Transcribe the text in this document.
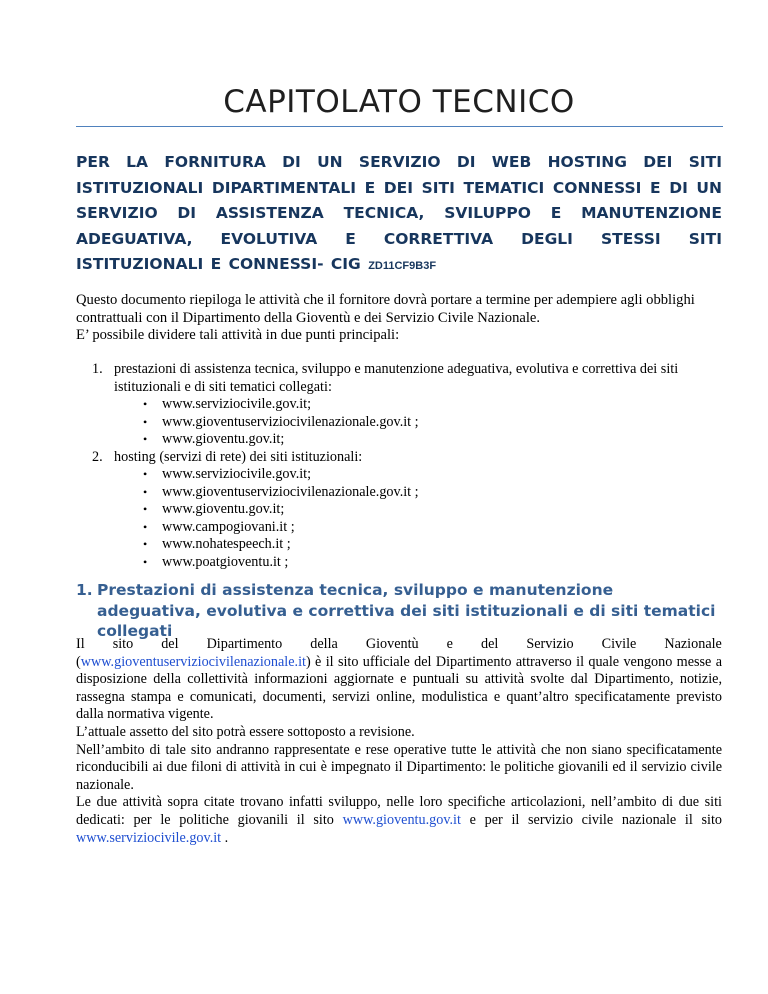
CAPITOLATO TECNICO
PER LA FORNITURA DI UN SERVIZIO DI WEB HOSTING DEI SITI ISTITUZIONALI DIPARTIMENTALI E DEI SITI TEMATICI CONNESSI E DI UN SERVIZIO DI ASSISTENZA TECNICA, SVILUPPO E MANUTENZIONE ADEGUATIVA, EVOLUTIVA E CORRETTIVA DEGLI STESSI SITI ISTITUZIONALI E CONNESSI- CIG ZD11CF9B3F

Questo documento riepiloga le attività che il fornitore dovrà portare a termine per adempiere agli obblighi contrattuali con il Dipartimento della Gioventù e dei Servizio Civile Nazionale.

E’ possibile dividere tali attività in due punti principali:

1. prestazioni di assistenza tecnica, sviluppo e manutenzione adeguativa, evolutiva e correttiva dei siti istituzionali e di siti tematici collegati:
• www.serviziocivile.gov.it;
• www.gioventuserviziocivilenazionale.gov.it ;
• www.gioventu.gov.it;
2. hosting (servizi di rete) dei siti istituzionali:
• www.serviziocivile.gov.it;
• www.gioventuserviziocivilenazionale.gov.it ;
• www.gioventu.gov.it;
• www.campogiovani.it ;
• www.nohatespeech.it ;
• www.poatgioventu.it ;
1. Prestazioni di assistenza tecnica, sviluppo e manutenzione adeguativa, evolutiva e correttiva dei siti istituzionali e di siti tematici collegati
Il sito del Dipartimento della Gioventù e del Servizio Civile Nazionale

(www.gioventuserviziocivilenazionale.it) è il sito ufficiale del Dipartimento attraverso il quale vengono messe a disposizione della collettività informazioni aggiornate e puntuali su attività svolte dal Dipartimento, notizie, rassegna stampa e comunicati, documenti, servizi online, modulistica e quant’altro specificatamente previsto dalla normativa vigente.

L’attuale assetto del sito potrà essere sottoposto a revisione.

Nell’ambito di tale sito andranno rappresentate e rese operative tutte le attività che non siano specificatamente riconducibili ai due filoni di attività in cui è impegnato il Dipartimento: le politiche giovanili ed il servizio civile nazionale.

Le due attività sopra citate trovano infatti sviluppo, nelle loro specifiche articolazioni, nell’ambito di due siti dedicati: per le politiche giovanili il sito www.gioventu.gov.it e per il servizio civile nazionale il sito www.serviziocivile.gov.it .
